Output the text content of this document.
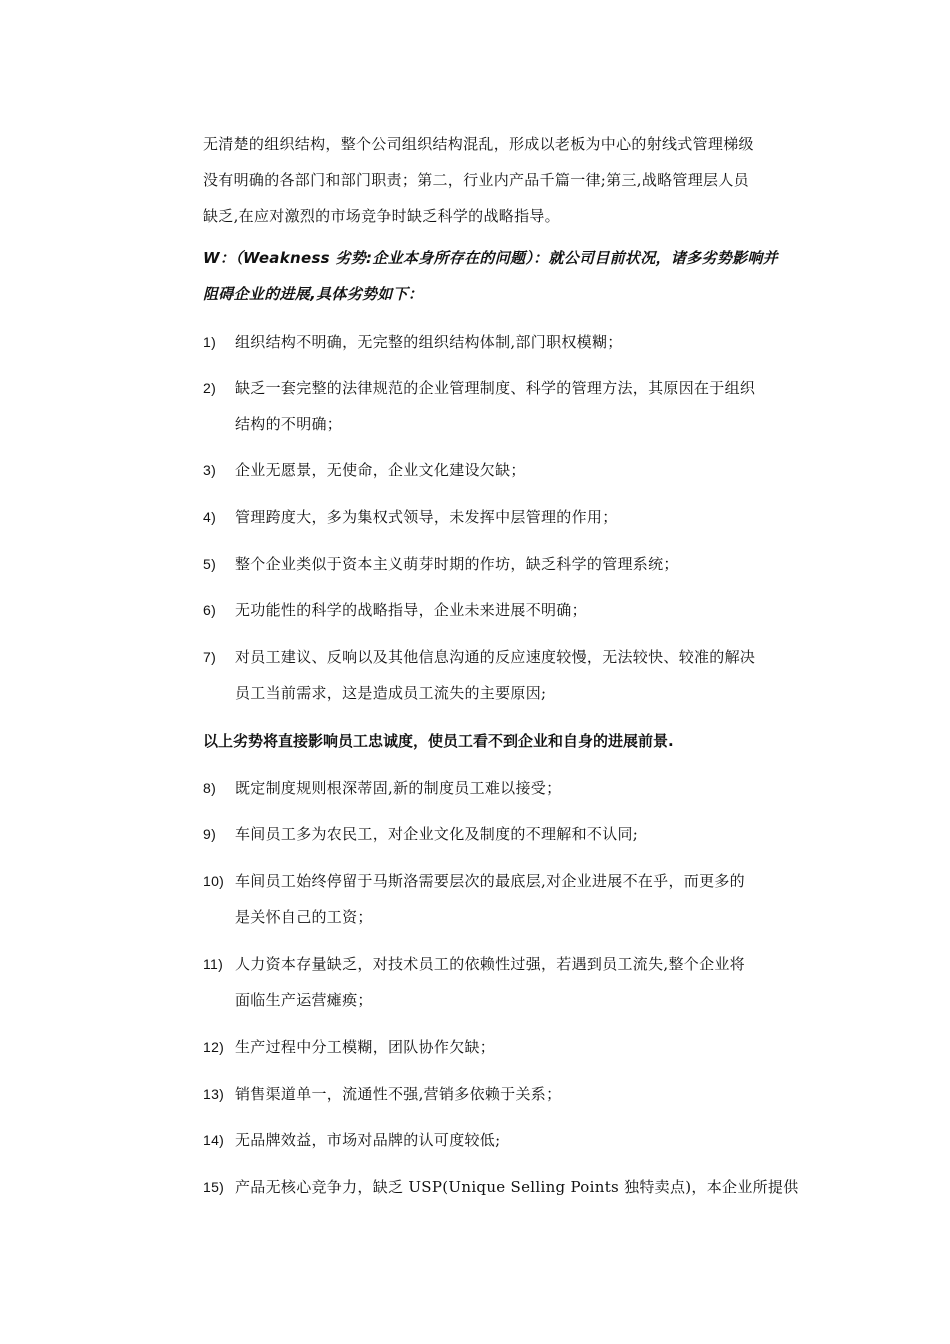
无清楚的组织结构，整个公司组织结构混乱，形成以老板为中心的射线式管理梯级

没有明确的各部门和部门职责；第二，行业内产品千篇一律;第三,战略管理层人员

缺乏,在应对激烈的市场竞争时缺乏科学的战略指导。

W：（Weakness 劣势:企业本身所存在的问题）：就公司目前状况，诸多劣势影响并

阻碍企业的进展,具体劣势如下：

1)	组织结构不明确，无完整的组织结构体制,部门职权模糊；
2)	缺乏一套完整的法律规范的企业管理制度、科学的管理方法，其原因在于组织
结构的不明确；
3)	企业无愿景，无使命，企业文化建设欠缺；
4)	管理跨度大，多为集权式领导，未发挥中层管理的作用；
5)	整个企业类似于资本主义萌芽时期的作坊，缺乏科学的管理系统；
6)	无功能性的科学的战略指导，企业未来进展不明确；
7)	对员工建议、反响以及其他信息沟通的反应速度较慢，无法较快、较准的解决
员工当前需求，这是造成员工流失的主要原因;
以上劣势将直接影响员工忠诚度，使员工看不到企业和自身的进展前景.
8)	既定制度规则根深蒂固,新的制度员工难以接受；
9)	车间员工多为农民工，对企业文化及制度的不理解和不认同;
10) 车间员工始终停留于马斯洛需要层次的最底层,对企业进展不在乎，而更多的
是关怀自己的工资；
11) 人力资本存量缺乏，对技术员工的依赖性过强，若遇到员工流失,整个企业将
面临生产运营瘫痪；
12) 生产过程中分工模糊，团队协作欠缺；
13) 销售渠道单一，流通性不强,营销多依赖于关系；
14) 无品牌效益，市场对品牌的认可度较低;
15) 产品无核心竞争力，缺乏 USP(Unique Selling Points 独特卖点)，本企业所提供
